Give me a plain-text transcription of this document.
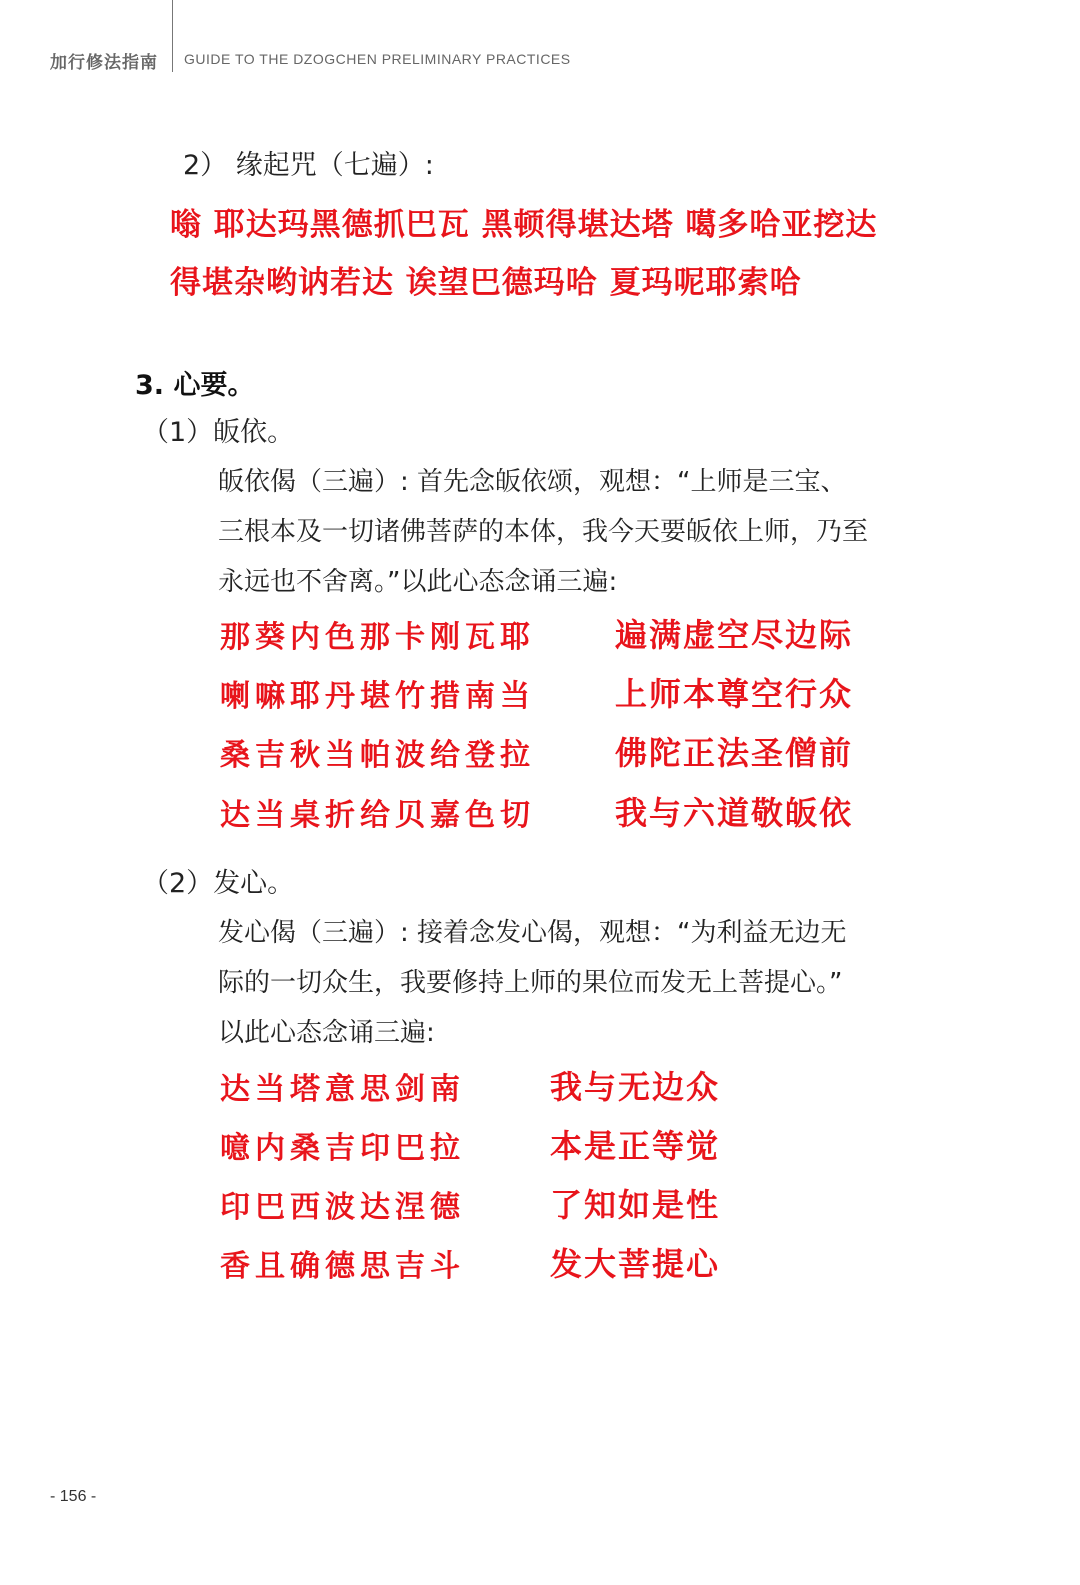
加行修法指南 GUIDE TO THE DZOGCHEN PRELIMINARY PRACTICES
2） 缘起咒（七遍）:
嗡 耶达玛黑德抓巴瓦 黑顿得堪达塔 噶多哈亚挖达
得堪杂哟讷若达 诶望巴德玛哈 夏玛呢耶索哈
3. 心要。
（1）皈依。
皈依偈（三遍）: 首先念皈依颂，观想：“上师是三宝、
三根本及一切诸佛菩萨的本体，我今天要皈依上师，乃至
永远也不舍离。”以此心态念诵三遍:
那葵内色那卡刚瓦耶	遍满虚空尽边际
喇嘛耶丹堪竹措南当	上师本尊空行众
桑吉秋当帕波给登拉	佛陀正法圣僧前
达当桌折给贝嘉色切	我与六道敬皈依
（2）发心。
发心偈（三遍）: 接着念发心偈，观想：“为利益无边无
际的一切众生，我要修持上师的果位而发无上菩提心。”
以此心态念诵三遍:
达当塔意思剑南	我与无边众
噫内桑吉印巴拉	本是正等觉
印巴西波达涅德	了知如是性
香且确德思吉斗	发大菩提心
- 156 -
